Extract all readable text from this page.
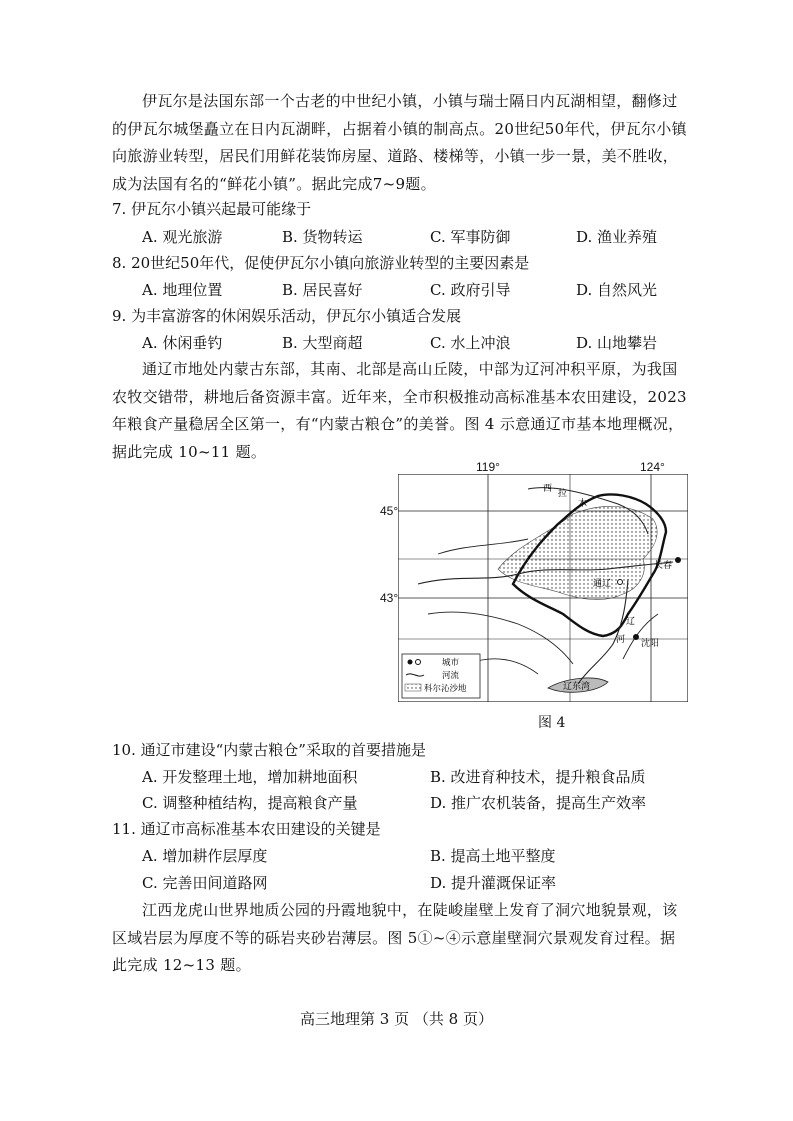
伊瓦尔是法国东部一个古老的中世纪小镇，小镇与瑞士隔日内瓦湖相望，翻修过的伊瓦尔城堡矗立在日内瓦湖畔，占据着小镇的制高点。20世纪50年代，伊瓦尔小镇向旅游业转型，居民们用鲜花装饰房屋、道路、楼梯等，小镇一步一景，美不胜收，成为法国有名的“鲜花小镇”。据此完成7~9题。
7. 伊瓦尔小镇兴起最可能缘于
A. 观光旅游	B. 货物转运	C. 军事防御	D. 渔业养殖
8. 20世纪50年代，促使伊瓦尔小镇向旅游业转型的主要因素是
A. 地理位置	B. 居民喜好	C. 政府引导	D. 自然风光
9. 为丰富游客的休闲娱乐活动，伊瓦尔小镇适合发展
A. 休闲垂钓	B. 大型商超	C. 水上冲浪	D. 山地攀岩
通辽市地处内蒙古东部，其南、北部是高山丘陵，中部为辽河冲积平原，为我国农牧交错带，耕地后备资源丰富。近年来，全市积极推动高标准基本农田建设，2023 年粮食产量稳居全区第一，有“内蒙古粮仓”的美誉。图 4 示意通辽市基本地理概况，据此完成 10~11 题。
通辽
长春
沈阳
辽东湾
西 拉
木
辽
河
城市
河流
科尔沁沙地
119°	124°
45°
43°
图 4
10. 通辽市建设“内蒙古粮仓”采取的首要措施是
A. 开发整理土地，增加耕地面积	B. 改进育种技术，提升粮食品质
C. 调整种植结构，提高粮食产量	D. 推广农机装备，提高生产效率
11. 通辽市高标准基本农田建设的关键是
A. 增加耕作层厚度	B. 提高土地平整度
C. 完善田间道路网	D. 提升灌溉保证率
江西龙虎山世界地质公园的丹霞地貌中，在陡峻崖壁上发育了洞穴地貌景观，该区域岩层为厚度不等的砾岩夹砂岩薄层。图 5①~④示意崖壁洞穴景观发育过程。据此完成 12~13 题。
高三地理第 3 页 （共 8 页）
